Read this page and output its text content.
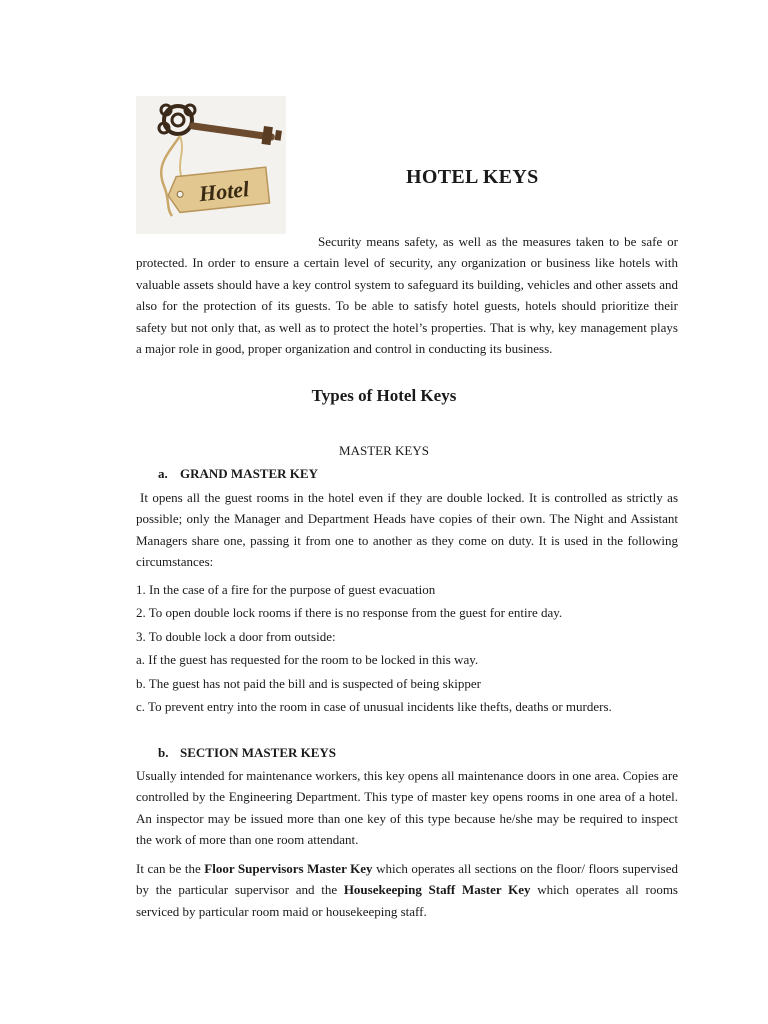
Hotel	HOTEL KEYS

Security means safety, as well as the measures taken to be safe or protected. In order to ensure a certain level of security, any organization or business like hotels with valuable assets should have a key control system to safeguard its building, vehicles and other assets and also for the protection of its guests. To be able to satisfy hotel guests, hotels should prioritize their safety but not only that, as well as to protect the hotel’s properties. That is why, key management plays a major role in good, proper organization and control in conducting its business.

Types of Hotel Keys
MASTER KEYS
a. GRAND MASTER KEY

It opens all the guest rooms in the hotel even if they are double locked. It is controlled as strictly as possible; only the Manager and Department Heads have copies of their own. The Night and Assistant Managers share one, passing it from one to another as they come on duty. It is used in the following circumstances:

1. In the case of a fire for the purpose of guest evacuation
2. To open double lock rooms if there is no response from the guest for entire day.
3. To double lock a door from outside:
a. If the guest has requested for the room to be locked in this way.
b. The guest has not paid the bill and is suspected of being skipper
c. To prevent entry into the room in case of unusual incidents like thefts, deaths or murders.
b. SECTION MASTER KEYS

Usually intended for maintenance workers, this key opens all maintenance doors in one area. Copies are controlled by the Engineering Department. This type of master key opens rooms in one area of a hotel. An inspector may be issued more than one key of this type because he/she may be required to inspect the work of more than one room attendant.

It can be the Floor Supervisors Master Key which operates all sections on the floor/ floors supervised by the particular supervisor and the Housekeeping Staff Master Key which operates all rooms serviced by particular room maid or housekeeping staff.
